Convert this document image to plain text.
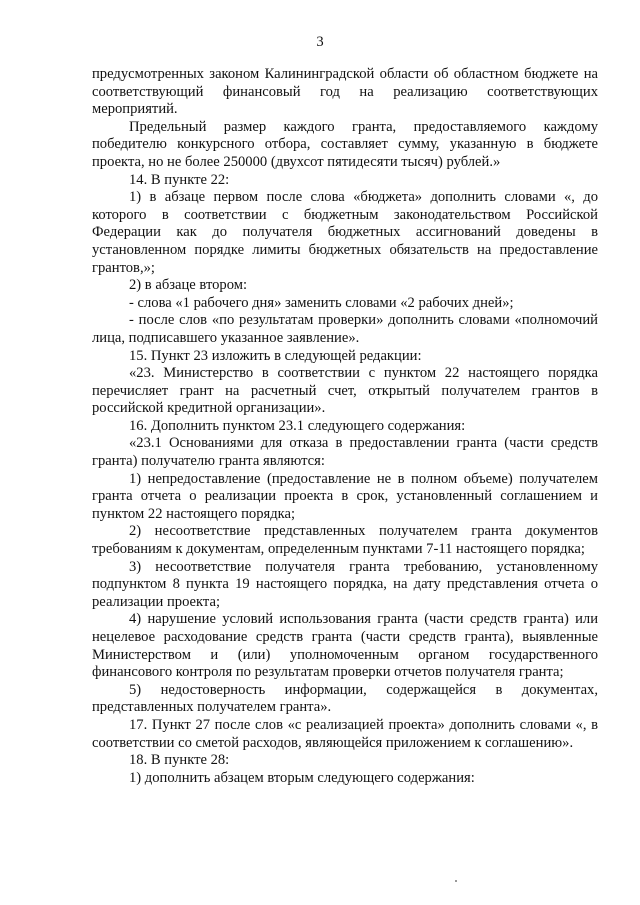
3

предусмотренных законом Калининградской области об областном бюджете на соответствующий финансовый год на реализацию соответствующих мероприятий.

Предельный размер каждого гранта, предоставляемого каждому победителю конкурсного отбора, составляет сумму, указанную в бюджете проекта, но не более 250000 (двухсот пятидесяти тысяч) рублей.»

14. В пункте 22:

1) в абзаце первом после слова «бюджета» дополнить словами «, до которого в соответствии с бюджетным законодательством Российской Федерации как до получателя бюджетных ассигнований доведены в установленном порядке лимиты бюджетных обязательств на предоставление грантов,»;

2) в абзаце втором:

- слова «1 рабочего дня» заменить словами «2 рабочих дней»;

- после слов «по результатам проверки» дополнить словами «полномочий лица, подписавшего указанное заявление».

15. Пункт 23 изложить в следующей редакции:

«23. Министерство в соответствии с пунктом 22 настоящего порядка перечисляет грант на расчетный счет, открытый получателем грантов в российской кредитной организации».

16. Дополнить пунктом 23.1 следующего содержания:

«23.1 Основаниями для отказа в предоставлении гранта (части средств гранта) получателю гранта являются:

1) непредоставление (предоставление не в полном объеме) получателем гранта отчета о реализации проекта в срок, установленный соглашением и пунктом 22 настоящего порядка;

2) несоответствие представленных получателем гранта документов требованиям к документам, определенным пунктами 7-11 настоящего порядка;

3) несоответствие получателя гранта требованию, установленному подпунктом 8 пункта 19 настоящего порядка, на дату представления отчета о реализации проекта;

4) нарушение условий использования гранта (части средств гранта) или нецелевое расходование средств гранта (части средств гранта), выявленные Министерством и (или) уполномоченным органом государственного финансового контроля по результатам проверки отчетов получателя гранта;

5) недостоверность информации, содержащейся в документах, представленных получателем гранта».

17. Пункт 27 после слов «с реализацией проекта» дополнить словами «, в соответствии со сметой расходов, являющейся приложением к соглашению».

18. В пункте 28:

1) дополнить абзацем вторым следующего содержания:
